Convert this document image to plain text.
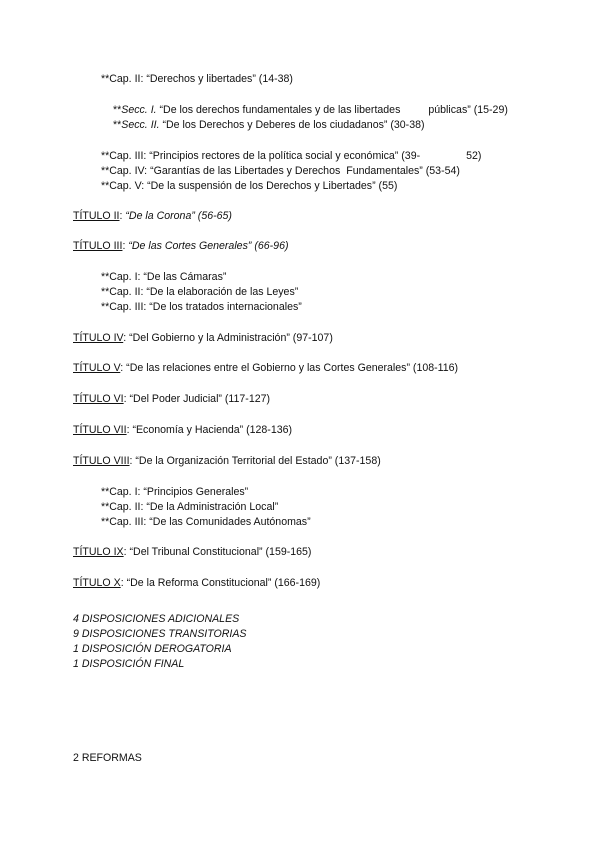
**Cap. II: “Derechos y libertades” (14-38)
**Secc. I. “De los derechos fundamentales y de las libertades	públicas” (15-29)
**Secc. II. “De los Derechos y Deberes de los ciudadanos” (30-38)
**Cap. III: “Principios rectores de la política social y económica” (39-	52)
**Cap. IV: “Garantías de las Libertades y Derechos Fundamentales” (53-54)
**Cap. V: “De la suspensión de los Derechos y Libertades” (55)
TÍTULO II: “De la Corona” (56-65)
TÍTULO III: “De las Cortes Generales” (66-96)
**Cap. I: “De las Cámaras”
**Cap. II: “De la elaboración de las Leyes”
**Cap. III: “De los tratados internacionales”
TÍTULO IV: “Del Gobierno y la Administración” (97-107)
TÍTULO V: “De las relaciones entre el Gobierno y las Cortes Generales” (108-116)
TÍTULO VI: “Del Poder Judicial” (117-127)
TÍTULO VII: “Economía y Hacienda” (128-136)
TÍTULO VIII: “De la Organización Territorial del Estado” (137-158)
**Cap. I: “Principios Generales”
**Cap. II: “De la Administración Local”
**Cap. III: “De las Comunidades Autónomas”
TÍTULO IX: “Del Tribunal Constitucional” (159-165)
TÍTULO X: “De la Reforma Constitucional” (166-169)
4 DISPOSICIONES ADICIONALES
9 DISPOSICIONES TRANSITORIAS
1 DISPOSICIÓN DEROGATORIA
1 DISPOSICIÓN FINAL
2 REFORMAS
